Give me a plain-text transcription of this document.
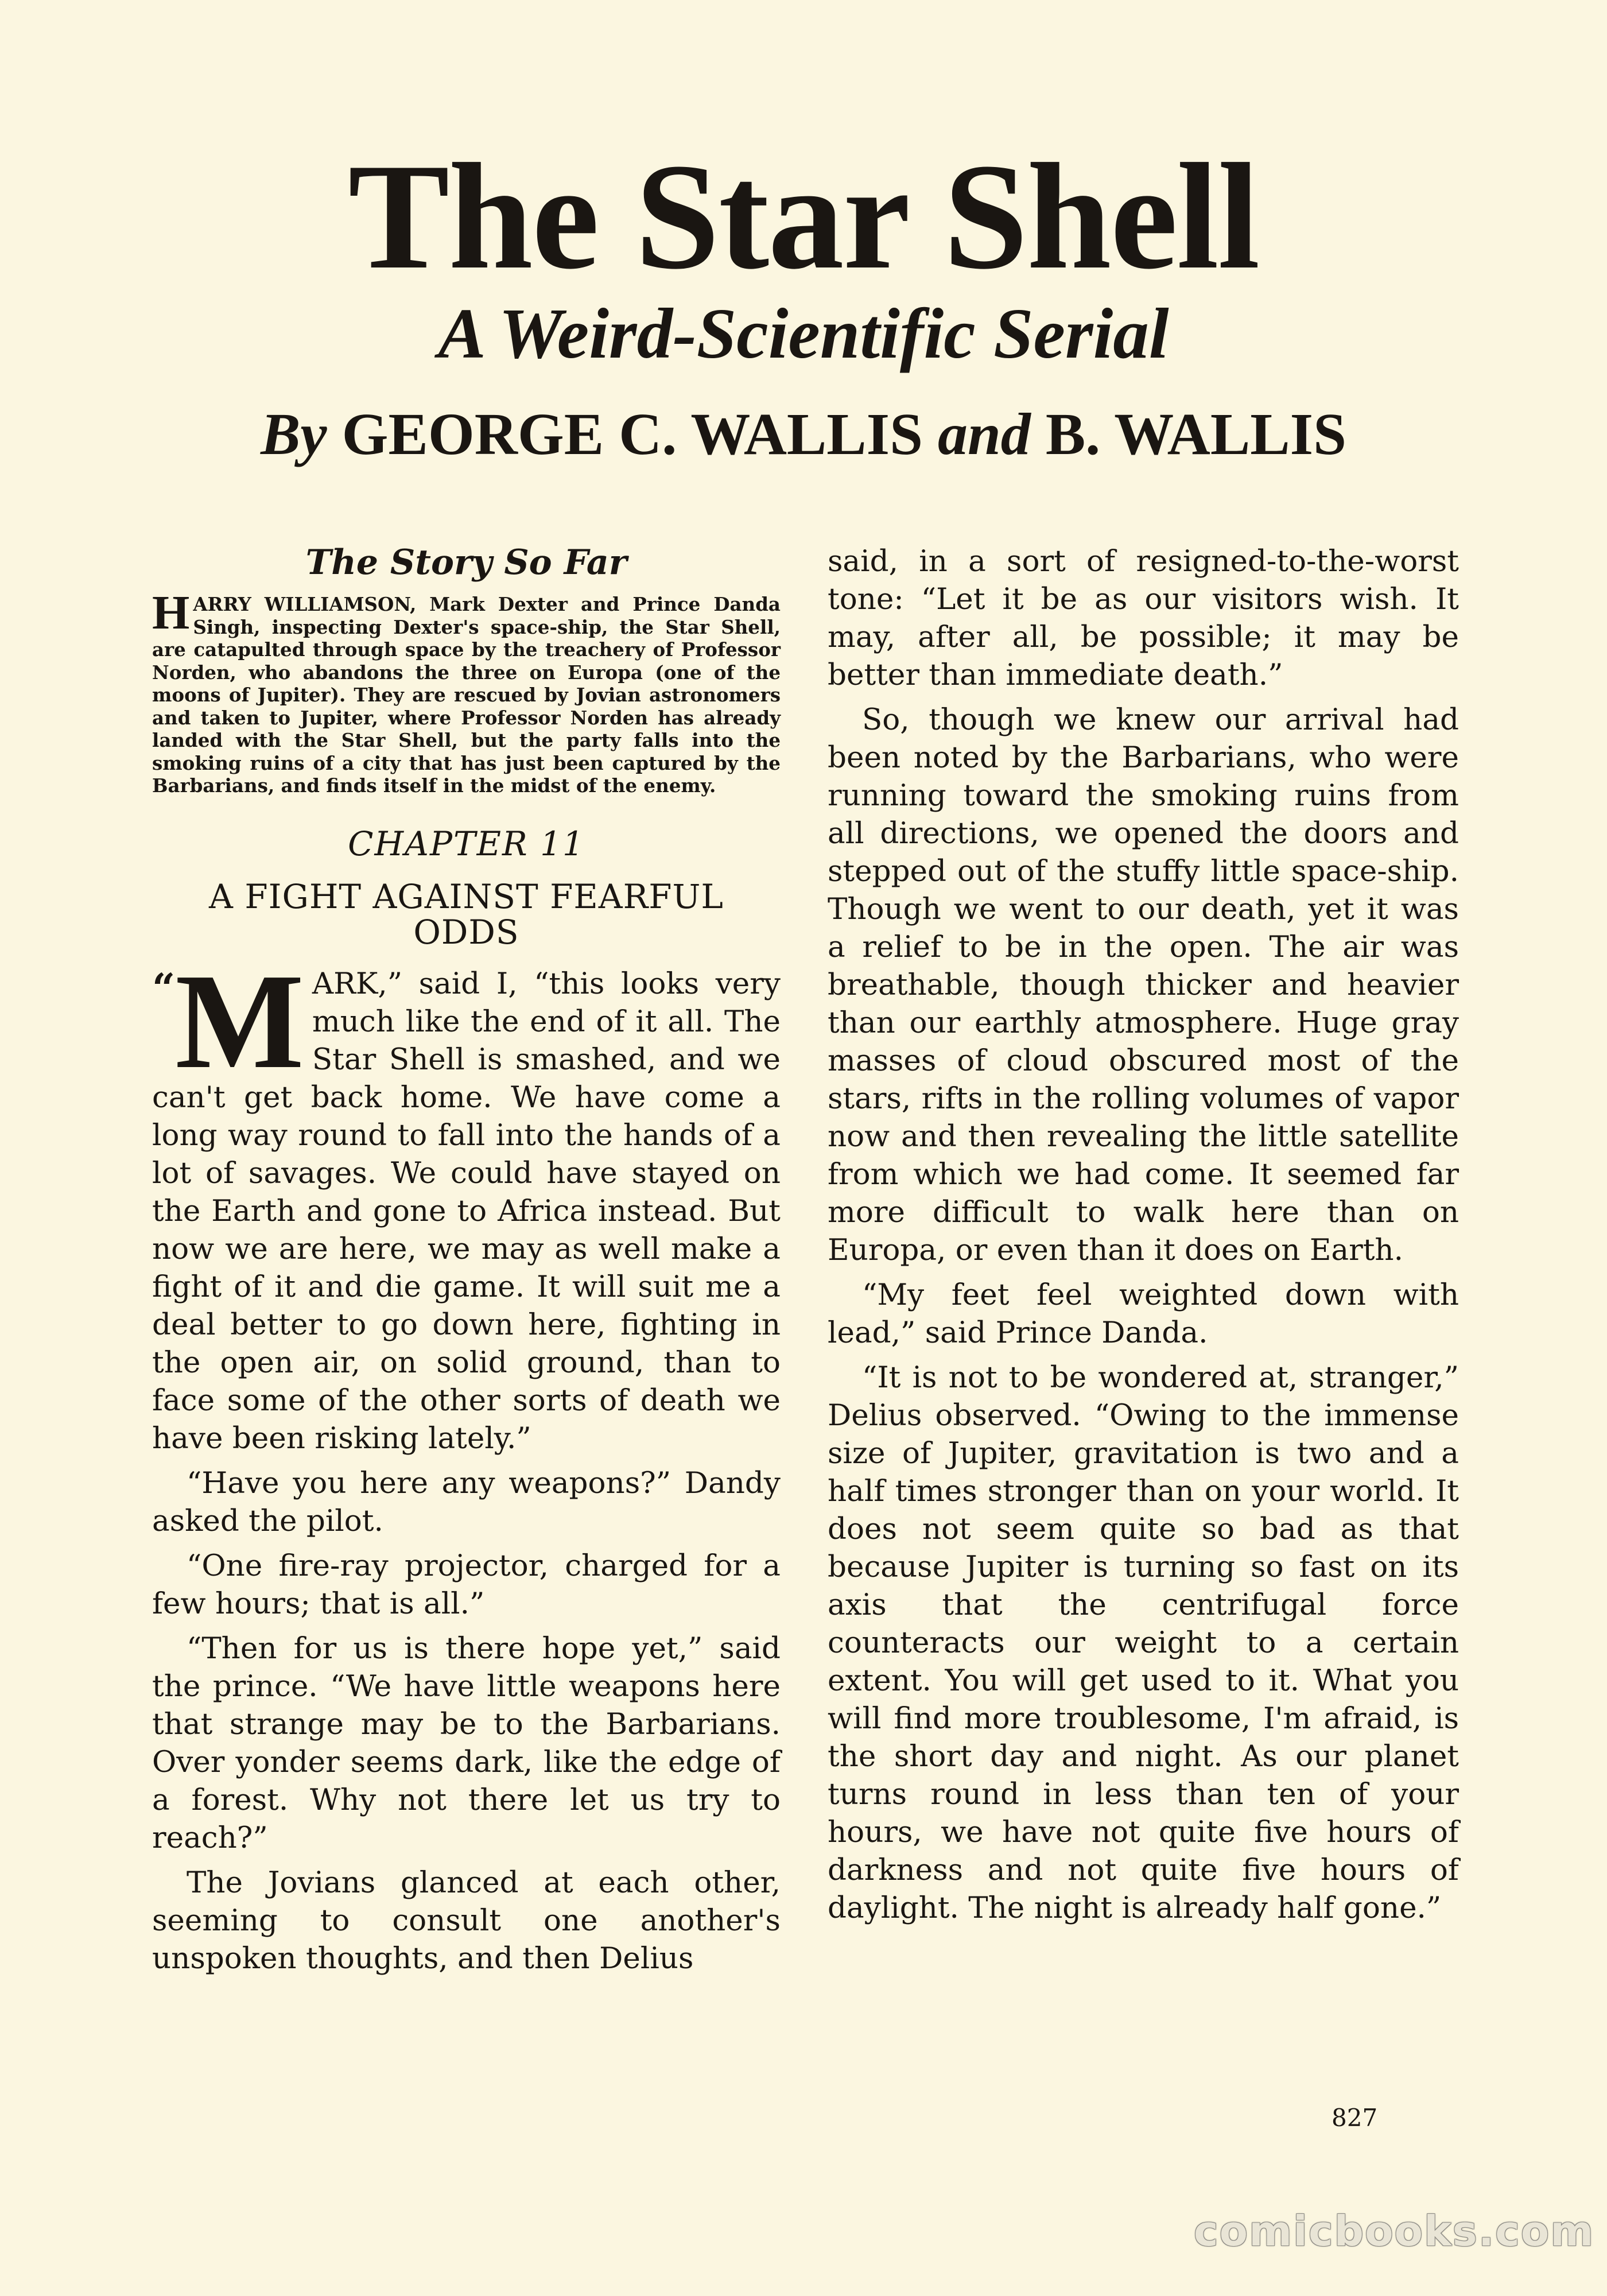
The Star Shell
A Weird-Scientific Serial
By GEORGE C. WALLIS and B. WALLIS
The Story So Far
HARRY WILLIAMSON, Mark Dexter and Prince Danda Singh, inspecting Dexter's space-ship, the Star Shell, are catapulted through space by the treachery of Professor Norden, who abandons the three on Europa (one of the moons of Jupiter). They are rescued by Jovian astronomers and taken to Jupiter, where Professor Norden has already landed with the Star Shell, but the party falls into the smoking ruins of a city that has just been captured by the Barbarians, and finds itself in the midst of the enemy.
CHAPTER 11
A FIGHT AGAINST FEARFUL ODDS

“ M ARK,” said I, “this looks very much like the end of it all. The Star Shell is smashed, and we can't get back home. We have come a long way round to fall into the hands of a lot of savages. We could have stayed on the Earth and gone to Africa instead. But now we are here, we may as well make a fight of it and die game. It will suit me a deal better to go down here, fighting in the open air, on solid ground, than to face some of the other sorts of death we have been risking lately.”

“Have you here any weapons?” Dandy asked the pilot.

“One fire-ray projector, charged for a few hours; that is all.”

“Then for us is there hope yet,” said the prince. “We have little weapons here that strange may be to the Barbarians. Over yonder seems dark, like the edge of a forest. Why not there let us try to reach?”

The Jovians glanced at each other, seeming to consult one another's unspoken thoughts, and then Delius

said, in a sort of resigned-to-the-worst tone: “Let it be as our visitors wish. It may, after all, be possible; it may be better than immediate death.”

So, though we knew our arrival had been noted by the Barbarians, who were running toward the smoking ruins from all directions, we opened the doors and stepped out of the stuffy little space-ship. Though we went to our death, yet it was a relief to be in the open. The air was breathable, though thicker and heavier than our earthly atmosphere. Huge gray masses of cloud obscured most of the stars, rifts in the rolling volumes of vapor now and then revealing the little satellite from which we had come. It seemed far more difficult to walk here than on Europa, or even than it does on Earth.

“My feet feel weighted down with lead,” said Prince Danda.

“It is not to be wondered at, stranger,” Delius observed. “Owing to the immense size of Jupiter, gravitation is two and a half times stronger than on your world. It does not seem quite so bad as that because Jupiter is turning so fast on its axis that the centrifugal force counteracts our weight to a certain extent. You will get used to it. What you will find more troublesome, I'm afraid, is the short day and night. As our planet turns round in less than ten of your hours, we have not quite five hours of darkness and not quite five hours of daylight. The night is already half gone.”

827
comicbooks.com
